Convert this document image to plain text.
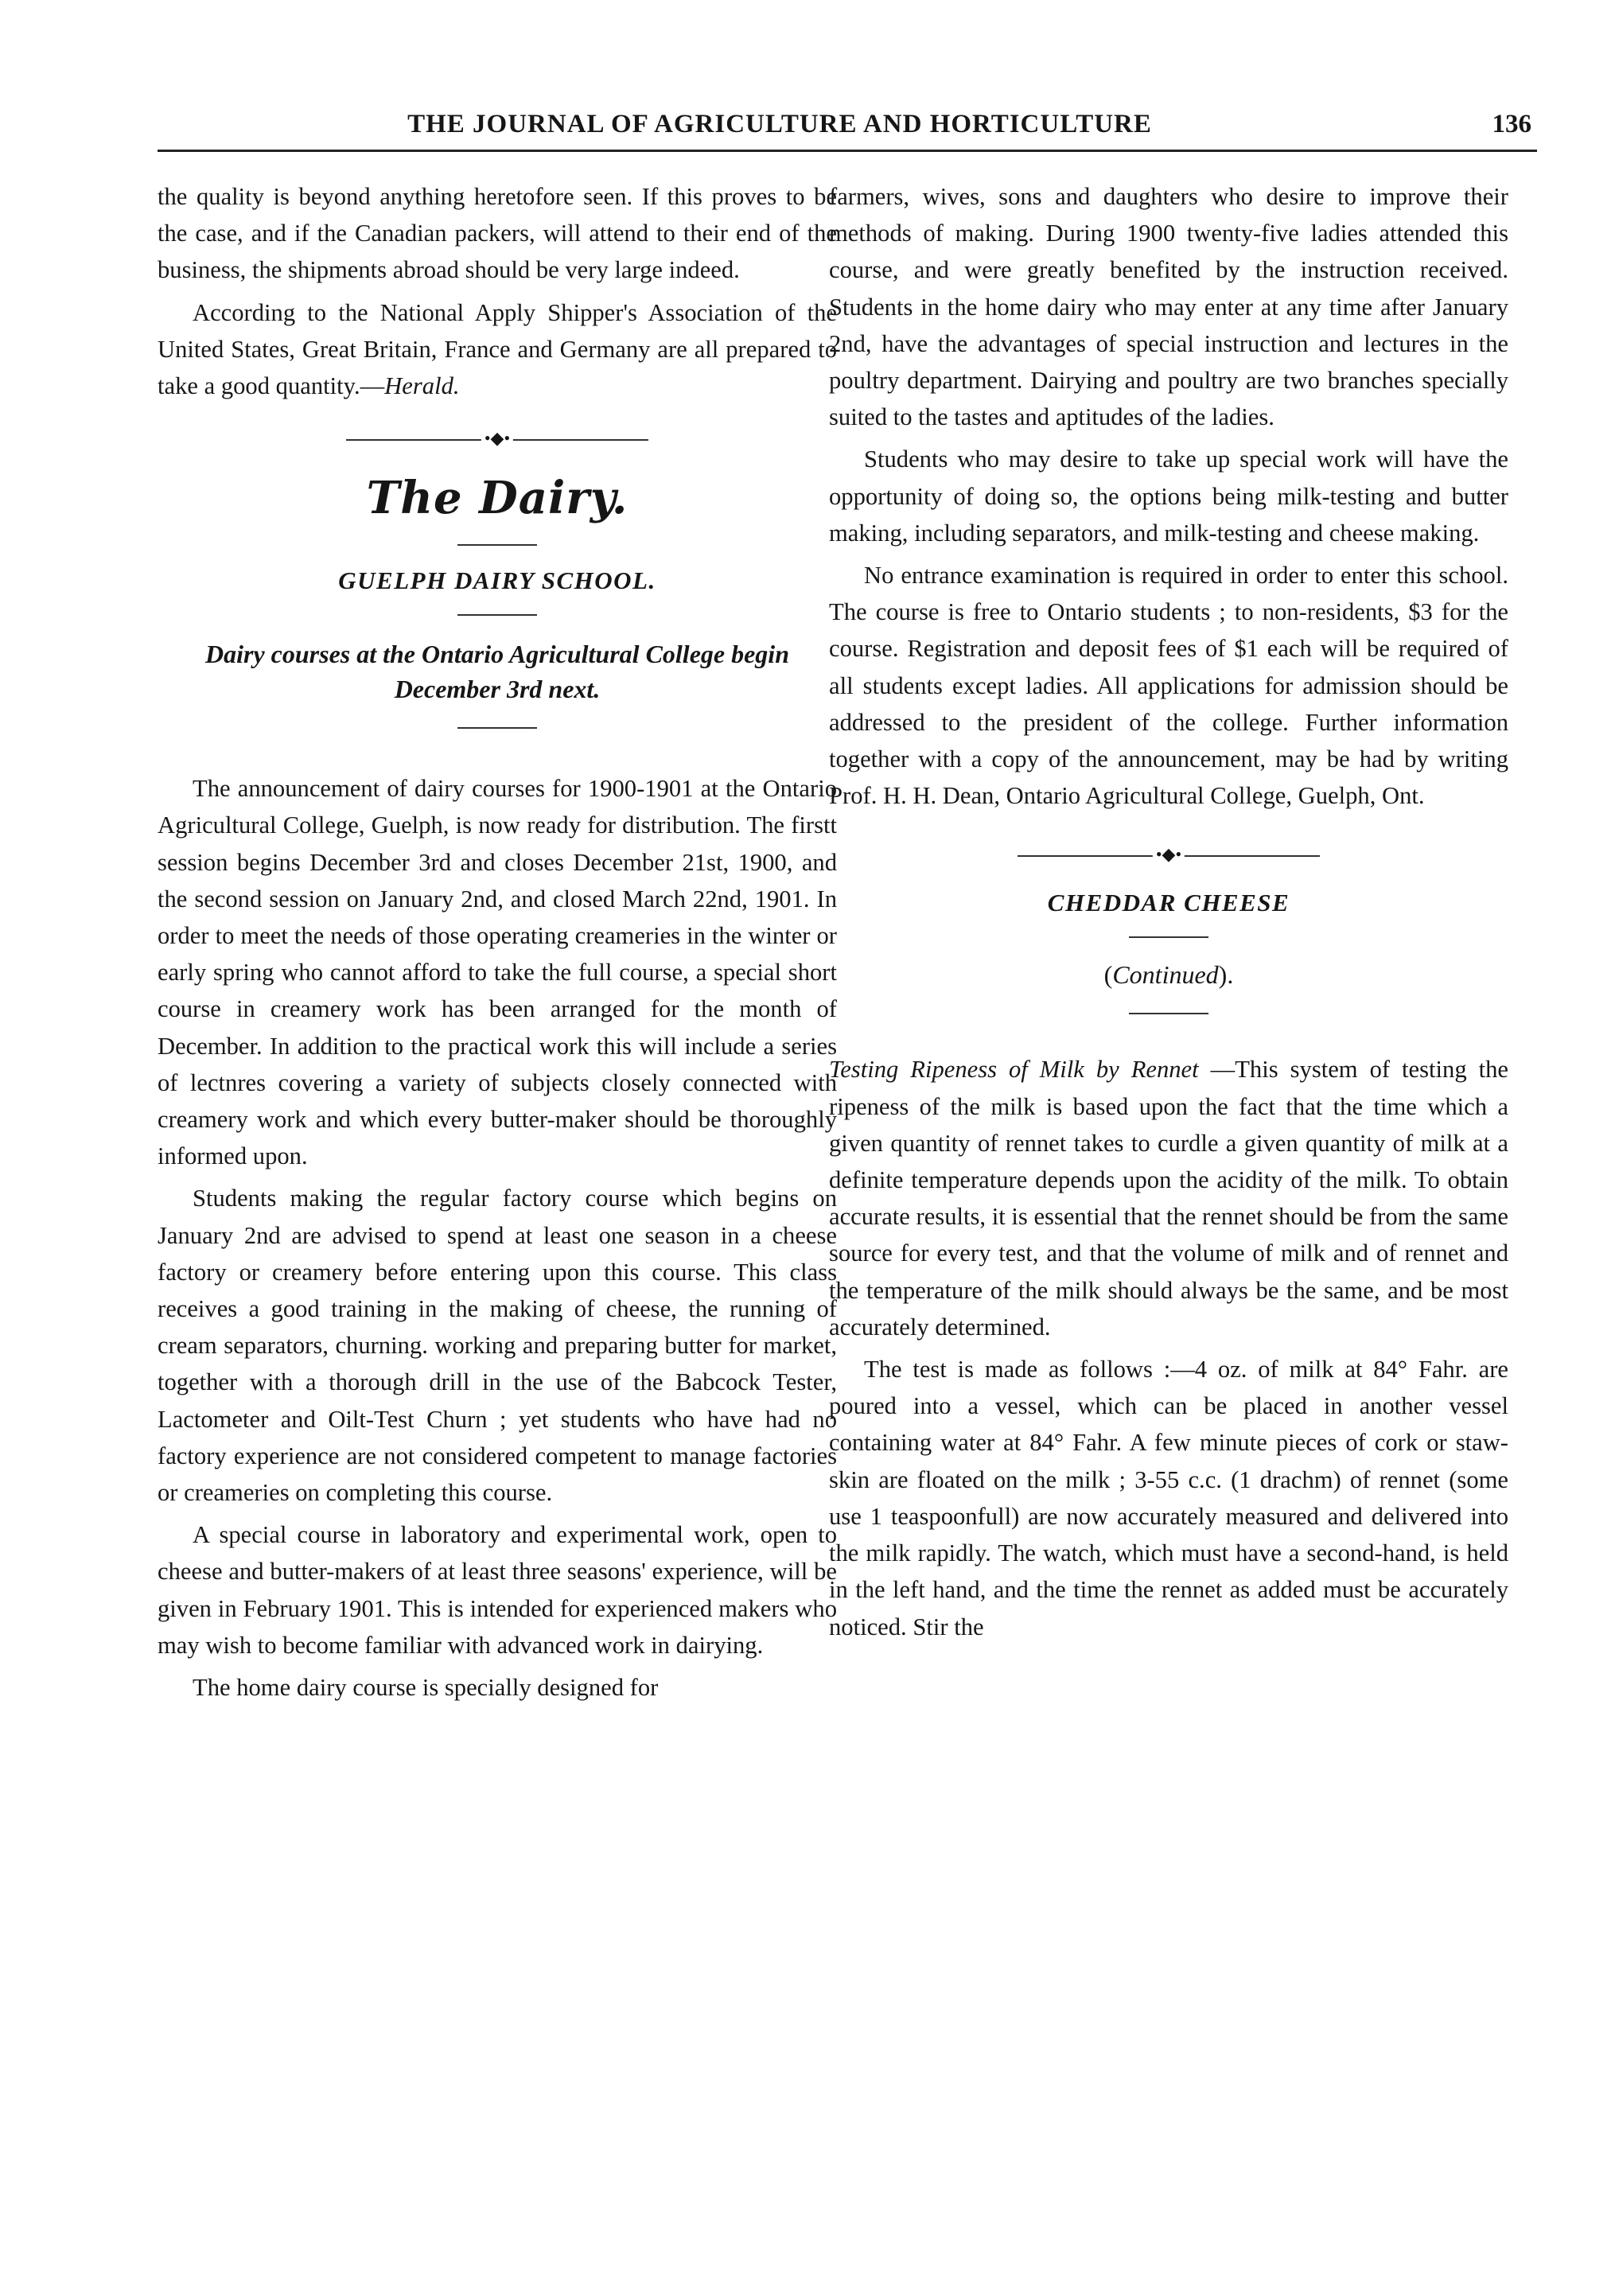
THE JOURNAL OF AGRICULTURE AND HORTICULTURE	136

the quality is beyond anything heretofore seen. If this proves to be the case, and if the Canadian packers, will attend to their end of the business, the shipments abroad should be very large indeed.

According to the National Apply Shipper's Association of the United States, Great Britain, France and Germany are all prepared to take a good quantity.—Herald.

•◆•
The Dairy.
GUELPH DAIRY SCHOOL.
Dairy courses at the Ontario Agricultural College begin December 3rd next.

The announcement of dairy courses for 1900-1901 at the Ontario Agricultural College, Guelph, is now ready for distribution. The firstt session begins December 3rd and closes December 21st, 1900, and the second session on January 2nd, and closed March 22nd, 1901. In order to meet the needs of those operating creameries in the winter or early spring who cannot afford to take the full course, a special short course in creamery work has been arranged for the month of December. In addition to the practical work this will include a series of lectnres covering a variety of subjects closely connected with creamery work and which every butter-maker should be thoroughly informed upon.

Students making the regular factory course which begins on January 2nd are advised to spend at least one season in a cheese factory or creamery before entering upon this course. This class receives a good training in the making of cheese, the running of cream separators, churning. working and preparing butter for market, together with a thorough drill in the use of the Babcock Tester, Lactometer and Oilt-Test Churn ; yet students who have had no factory experience are not considered competent to manage factories or creameries on completing this course.

A special course in laboratory and experimental work, open to cheese and butter-makers of at least three seasons' experience, will be given in February 1901. This is intended for experienced makers who may wish to become familiar with advanced work in dairying.

The home dairy course is specially designed for

farmers, wives, sons and daughters who desire to improve their methods of making. During 1900 twenty-five ladies attended this course, and were greatly benefited by the instruction received. Students in the home dairy who may enter at any time after January 2nd, have the advantages of special instruction and lectures in the poultry department. Dairying and poultry are two branches specially suited to the tastes and aptitudes of the ladies.

Students who may desire to take up special work will have the opportunity of doing so, the options being milk-testing and butter making, including separators, and milk-testing and cheese making.

No entrance examination is required in order to enter this school. The course is free to Ontario students ; to non-residents, $3 for the course. Registration and deposit fees of $1 each will be required of all students except ladies. All applications for admission should be addressed to the president of the college. Further information together with a copy of the announcement, may be had by writing Prof. H. H. Dean, Ontario Agricultural College, Guelph, Ont.

•◆•
CHEDDAR CHEESE
(Continued).

Testing Ripeness of Milk by Rennet —This system of testing the ripeness of the milk is based upon the fact that the time which a given quantity of rennet takes to curdle a given quantity of milk at a definite temperature depends upon the acidity of the milk. To obtain accurate results, it is essential that the rennet should be from the same source for every test, and that the volume of milk and of rennet and the temperature of the milk should always be the same, and be most accurately determined.

The test is made as follows :—4 oz. of milk at 84° Fahr. are poured into a vessel, which can be placed in another vessel containing water at 84° Fahr. A few minute pieces of cork or staw-skin are floated on the milk ; 3-55 c.c. (1 drachm) of rennet (some use 1 teaspoonfull) are now accurately measured and delivered into the milk rapidly. The watch, which must have a second-hand, is held in the left hand, and the time the rennet as added must be accurately noticed. Stir the
